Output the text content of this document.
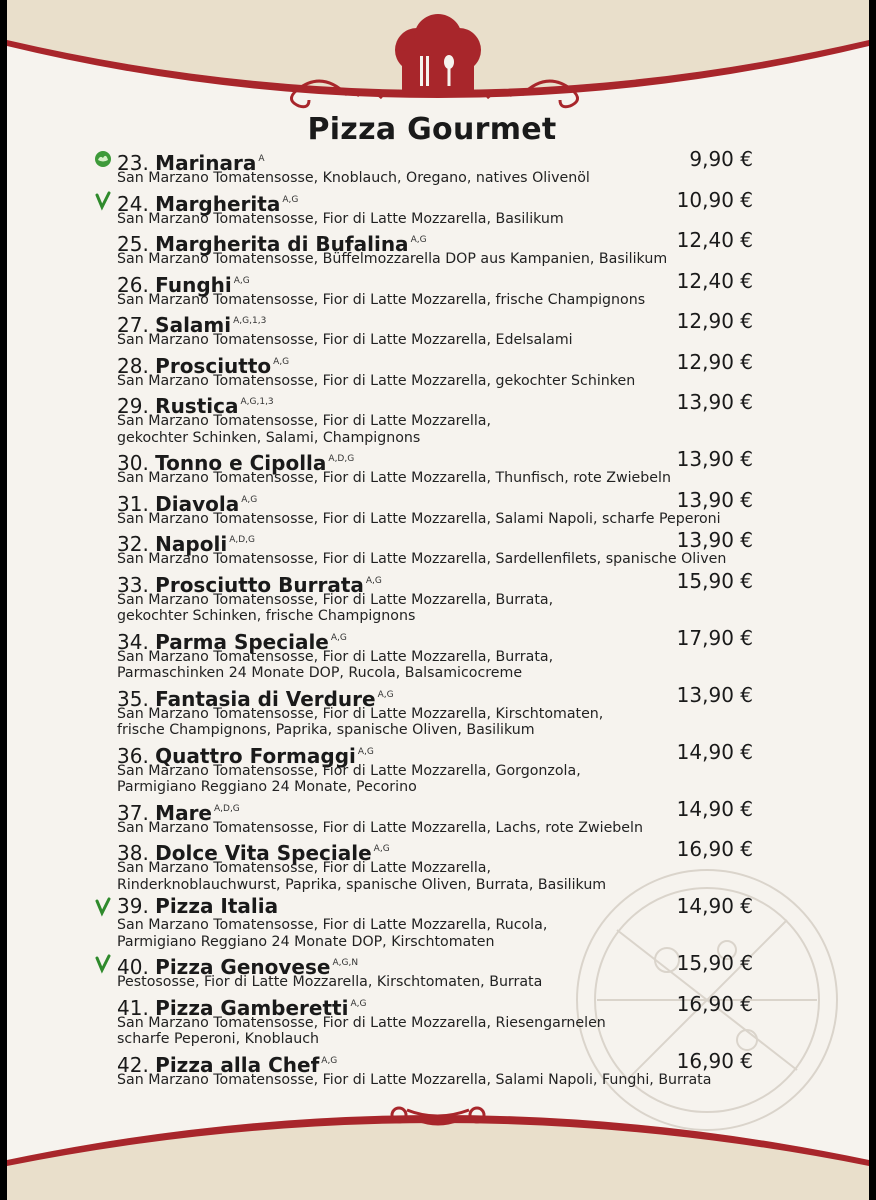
Pizza Gourmet
23. Marinara $^A$	9,90 €
San Marzano Tomatensosse, Knoblauch, Oregano, natives Olivenöl
24. Margherita $^{A,G}$	10,90 €
San Marzano Tomatensosse, Fior di Latte Mozzarella, Basilikum
25. Margherita di Bufalina $^{A,G}$	12,40 €
San Marzano Tomatensosse, Büffelmozzarella DOP aus Kampanien, Basilikum
26. Funghi $^{A,G}$	12,40 €
San Marzano Tomatensosse, Fior di Latte Mozzarella, frische Champignons
27. Salami $^{A,G,1,3}$	12,90 €
San Marzano Tomatensosse, Fior di Latte Mozzarella, Edelsalami
28. Prosciutto $^{A,G}$	12,90 €
San Marzano Tomatensosse, Fior di Latte Mozzarella, gekochter Schinken
29. Rustica $^{A,G,1,3}$	13,90 €
San Marzano Tomatensosse, Fior di Latte Mozzarella,
gekochter Schinken, Salami, Champignons
30. Tonno e Cipolla $^{A,D,G}$	13,90 €
San Marzano Tomatensosse, Fior di Latte Mozzarella, Thunfisch, rote Zwiebeln
31. Diavola $^{A,G}$	13,90 €
San Marzano Tomatensosse, Fior di Latte Mozzarella, Salami Napoli, scharfe Peperoni
32. Napoli $^{A,D,G}$	13,90 €
San Marzano Tomatensosse, Fior di Latte Mozzarella, Sardellenfilets, spanische Oliven
33. Prosciutto Burrata $^{A,G}$	15,90 €
San Marzano Tomatensosse, Fior di Latte Mozzarella, Burrata,
gekochter Schinken, frische Champignons
34. Parma Speciale $^{A,G}$	17,90 €
San Marzano Tomatensosse, Fior di Latte Mozzarella, Burrata,
Parmaschinken 24 Monate DOP, Rucola, Balsamicocreme
35. Fantasia di Verdure $^{A,G}$	13,90 €
San Marzano Tomatensosse, Fior di Latte Mozzarella, Kirschtomaten,
frische Champignons, Paprika, spanische Oliven, Basilikum
36. Quattro Formaggi $^{A,G}$	14,90 €
San Marzano Tomatensosse, Fior di Latte Mozzarella, Gorgonzola,
Parmigiano Reggiano 24 Monate, Pecorino
37. Mare $^{A,D,G}$	14,90 €
San Marzano Tomatensosse, Fior di Latte Mozzarella, Lachs, rote Zwiebeln
38. Dolce Vita Speciale $^{A,G}$	16,90 €
San Marzano Tomatensosse, Fior di Latte Mozzarella,
Rinderknoblauchwurst, Paprika, spanische Oliven, Burrata, Basilikum
39. Pizza Italia	14,90 €
San Marzano Tomatensosse, Fior di Latte Mozzarella, Rucola,
Parmigiano Reggiano 24 Monate DOP, Kirschtomaten
40. Pizza Genovese $^{A,G,N}$	15,90 €
Pestososse, Fior di Latte Mozzarella, Kirschtomaten, Burrata
41. Pizza Gamberetti $^{A,G}$	16,90 €
San Marzano Tomatensosse, Fior di Latte Mozzarella, Riesengarnelen
scharfe Peperoni, Knoblauch
42. Pizza alla Chef $^{A,G}$	16,90 €
San Marzano Tomatensosse, Fior di Latte Mozzarella, Salami Napoli, Funghi, Burrata
